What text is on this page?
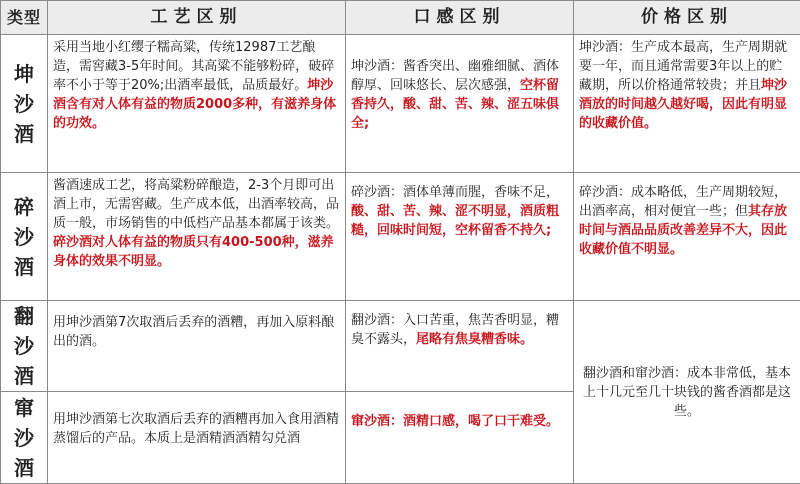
类型	工艺区别	口感区别	价格区别

坤
沙
酒	采用当地小红缨子糯高粱，传统12987工艺酿造，需窖藏3-5年时间。其高粱不能够粉碎，破碎率不小于等于20%;出酒率最低，品质最好。坤沙酒含有对人体有益的物质2000多种，有滋养身体的功效。	坤沙酒：酱香突出、幽雅细腻、酒体醇厚、回味悠长、层次感强，空杯留香持久，酸、甜、苦、辣、涩五味俱全;	坤沙酒：生产成本最高，生产周期就要一年，而且通常需要3年以上的贮藏期，所以价格通常较贵；并且坤沙酒放的时间越久越好喝，因此有明显的收藏价值。

碎
沙
酒	酱酒速成工艺，将高粱粉碎酿造，2-3个月即可出酒上市，无需窖藏。生产成本低，出酒率较高，品质一般，市场销售的中低档产品基本都属于该类。碎沙酒对人体有益的物质只有400-500种，滋养身体的效果不明显。	碎沙酒：酒体单薄而腥，香味不足，酸、甜、苦、辣、涩不明显，酒质粗糙，回味时间短，空杯留香不持久;	碎沙酒：成本略低，生产周期较短，出酒率高，相对便宜一些；但其存放时间与酒品品质改善差异不大，因此收藏价值不明显。

翻
沙
酒	用坤沙酒第7次取酒后丢弃的酒糟，再加入原料酿出的酒。	翻沙酒：入口苦重，焦苦香明显，糟臭不露头，尾略有焦臭糟香味。	翻沙酒和窜沙酒：成本非常低，基本上十几元至几十块钱的酱香酒都是这些。

窜
沙
酒	用坤沙酒第七次取酒后丢弃的酒糟再加入食用酒精蒸馏后的产品。本质上是酒精酒酒精勾兑酒	窜沙酒：酒精口感，喝了口干难受。	
